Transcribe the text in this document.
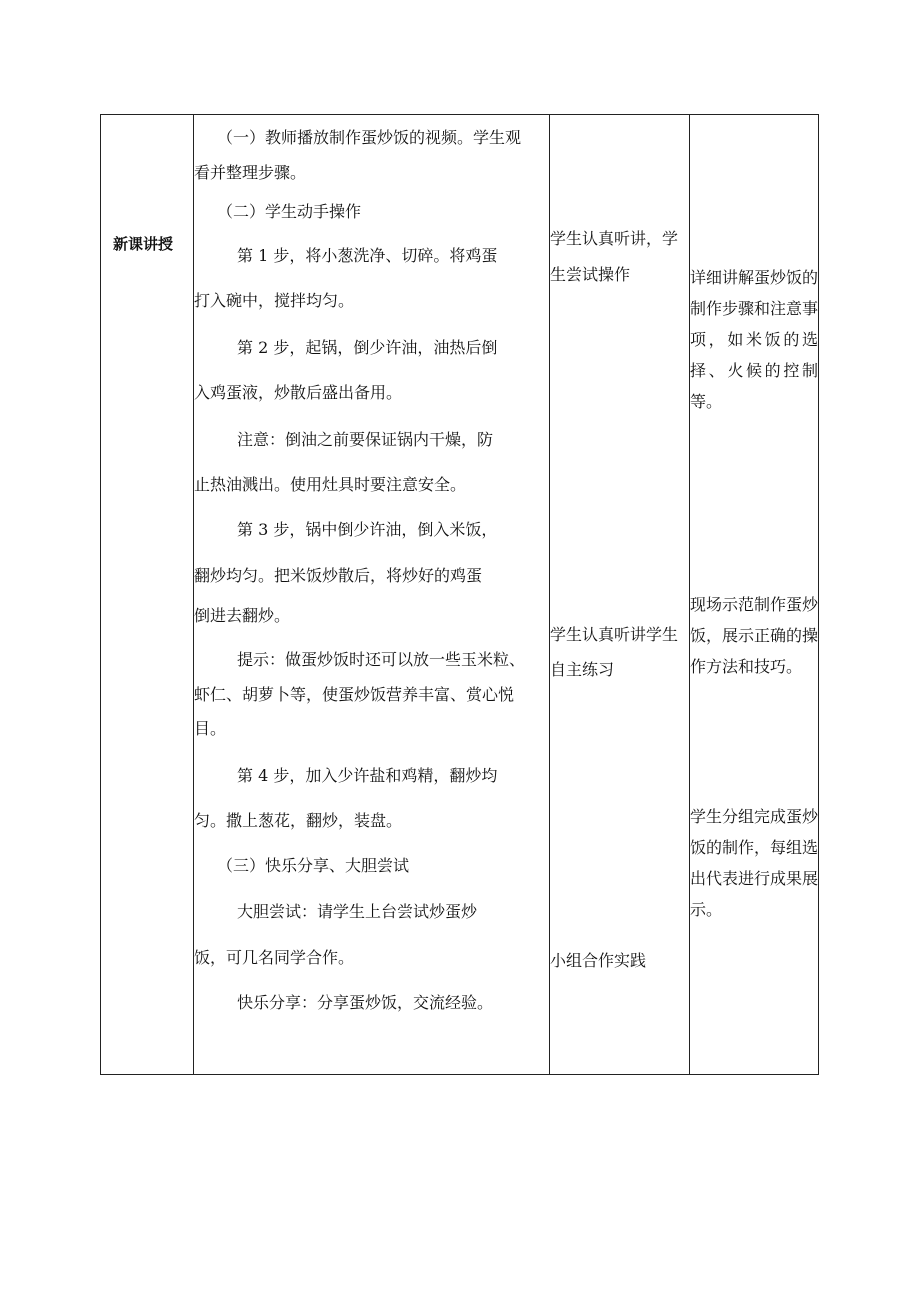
新课讲授
（一）教师播放制作蛋炒饭的视频。学生观
看并整理步骤。
（二）学生动手操作
第 1 步，将小葱洗净、切碎。将鸡蛋
打入碗中，搅拌均匀。
第 2 步，起锅，倒少许油，油热后倒
入鸡蛋液，炒散后盛出备用。
注意：倒油之前要保证锅内干燥，防
止热油溅出。使用灶具时要注意安全。
第 3 步，锅中倒少许油，倒入米饭，
翻炒均匀。把米饭炒散后，将炒好的鸡蛋
倒进去翻炒。
提示：做蛋炒饭时还可以放一些玉米粒、
虾仁、胡萝卜等，使蛋炒饭营养丰富、赏心悦
目。
第 4 步，加入少许盐和鸡精，翻炒均
匀。撒上葱花，翻炒，装盘。
（三）快乐分享、大胆尝试
大胆尝试：请学生上台尝试炒蛋炒
饭，可几名同学合作。
快乐分享：分享蛋炒饭，交流经验。
学生认真听讲，学
生尝试操作
学生认真听讲学生
自主练习
小组合作实践
详细讲解蛋炒饭的制作步骤和注意事项，如米饭的选择、火候的控制等。
现场示范制作蛋炒饭，展示正确的操作方法和技巧。
学生分组完成蛋炒饭的制作，每组选出代表进行成果展示。
